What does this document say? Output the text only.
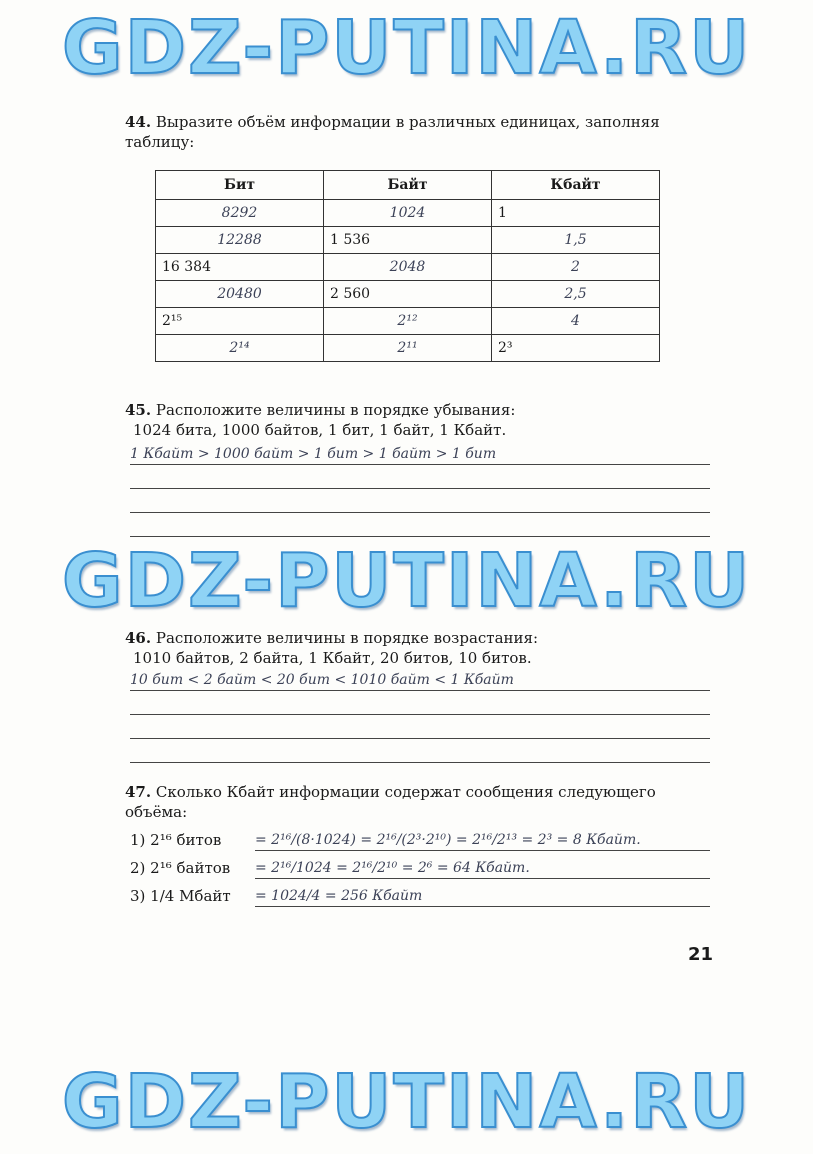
GDZ-PUTINA.RU
GDZ-PUTINA.RU
GDZ-PUTINA.RU
44. Выразите объём информации в различных единицах, заполняя таблицу:
Бит	Байт	Кбайт
8292	1024	1
12288	1 536	1,5
16 384	2048	2
20480	2 560	2,5
2¹⁵	2¹²	4
2¹⁴	2¹¹	2³
45. Расположите величины в порядке убывания:
1024 бита, 1000 байтов, 1 бит, 1 байт, 1 Кбайт.
1 Кбайт > 1000 байт > 1 бит > 1 байт > 1 бит
46. Расположите величины в порядке возрастания:
1010 байтов, 2 байта, 1 Кбайт, 20 битов, 10 битов.
10 бит < 2 байт < 20 бит < 1010 байт < 1 Кбайт
47. Сколько Кбайт информации содержат сообщения следующего объёма:
1) 2¹⁶ битов = 2¹⁶/(8·1024) = 2¹⁶/(2³·2¹⁰) = 2¹⁶/2¹³ = 2³ = 8 Кбайт.
2) 2¹⁶ байтов = 2¹⁶/1024 = 2¹⁶/2¹⁰ = 2⁶ = 64 Кбайт.
3) 1/4 Мбайт = 1024/4 = 256 Кбайт
21
